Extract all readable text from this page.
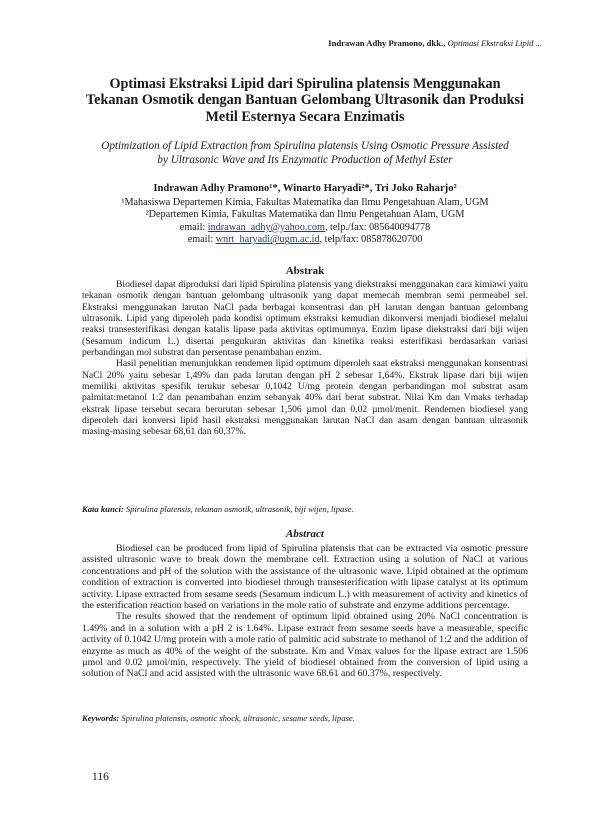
Indrawan Adhy Pramono, dkk., Optimasi Ekstraksi Lipid ...
Optimasi Ekstraksi Lipid dari Spirulina platensis Menggunakan
Tekanan Osmotik dengan Bantuan Gelombang Ultrasonik dan Produksi
Metil Esternya Secara Enzimatis
Optimization of Lipid Extraction from Spirulina platensis Using Osmotic Pressure Assisted
by Ultrasonic Wave and Its Enzymatic Production of Methyl Ester
Indrawan Adhy Pramono¹*, Winarto Haryadi²*, Tri Joko Raharjo²
¹Mahasiswa Departemen Kimia, Fakultas Matematika dan Ilmu Pengetahuan Alam, UGM
²Departemen Kimia, Fakultas Matematika dan Ilmu Pengetahuan Alam, UGM
email: indrawan_adhy@yahoo.com, telp./fax: 085640094778
email: wnrt_haryadi@ugm.ac.id, telp/fax: 085878620700
Abstrak

Biodiesel dapat diproduksi dari lipid Spirulina platensis yang diekstraksi menggunakan cara kimiawi yaitu tekanan osmotik dengan bantuan gelombang ultrasonik yang dapat memecah membran semi permeabel sel. Ekstraksi menggunakan larutan NaCl pada berbagai konsentrasi dan pH larutan dengan bantuan gelombang ultrasonik. Lipid yang diperoleh pada kondisi optimum ekstraksi kemudian dikonversi menjadi biodiesel melalui reaksi transesterifikasi dengan katalis lipase pada aktivitas optimumnya. Enzim lipase diekstraksi dari biji wijen (Sesamum indicum L.) disertai pengukuran aktivitas dan kinetika reaksi esterifikasi berdasarkan variasi perbandingan mol substrat dan persentase penambahan enzim.

Hasil penelitian menunjukkan rendemen lipid optimum diperoleh saat ekstraksi menggunakan konsentrasi NaCl 20% yaitu sebesar 1,49% dan pada larutan dengan pH 2 sebesar 1,64%. Ekstrak lipase dari biji wijen memiliki aktivitas spesifik terukur sebesar 0,1042 U/mg protein dengan perbandingan mol substrat asam palmitat:metanol 1:2 dan penambahan enzim sebanyak 40% dari berat substrat. Nilai Km dan Vmaks terhadap ekstrak lipase tersebut secara berurutan sebesar 1,506 µmol dan 0,02 µmol/menit. Rendemen biodiesel yang diperoleh dari konversi lipid hasil ekstraksi menggunakan larutan NaCl dan asam dengan bantuan ultrasonik masing-masing sebesar 68,61 dan 60,37%.

Kata kunci: Spirulina platensis, tekanan osmotik, ultrasonik, biji wijen, lipase.
Abstract

Biodiesel can be produced from lipid of Spirulina platensis that can be extracted via osmotic pressure assisted ultrasonic wave to break down the membrane cell. Extraction using a solution of NaCl at various concentrations and pH of the solution with the assistance of the ultrasonic wave. Lipid obtained at the optimum condition of extraction is converted into biodiesel through transesterification with lipase catalyst at its optimum activity. Lipase extracted from sesame seeds (Sesamum indicum L.) with measurement of activity and kinetics of the esterification reaction based on variations in the mole ratio of substrate and enzyme additions percentage.

The results showed that the rendement of optimum lipid obtained using 20% NaCl concentration is 1.49% and in a solution with a pH 2 is 1.64%. Lipase extract from sesame seeds have a measurable, specific activity of 0.1042 U/mg protein with a mole ratio of palmitic acid substrate to methanol of 1:2 and the addition of enzyme as much as 40% of the weight of the substrate. Km and Vmax values for the lipase extract are 1.506 µmol and 0.02 µmol/min, respectively. The yield of biodiesel obtained from the conversion of lipid using a solution of NaCl and acid assisted with the ultrasonic wave 68.61 and 60.37%, respectively.

Keywords: Spirulina platensis, osmotic shock, ultrasonic, sesame seeds, lipase.
116
